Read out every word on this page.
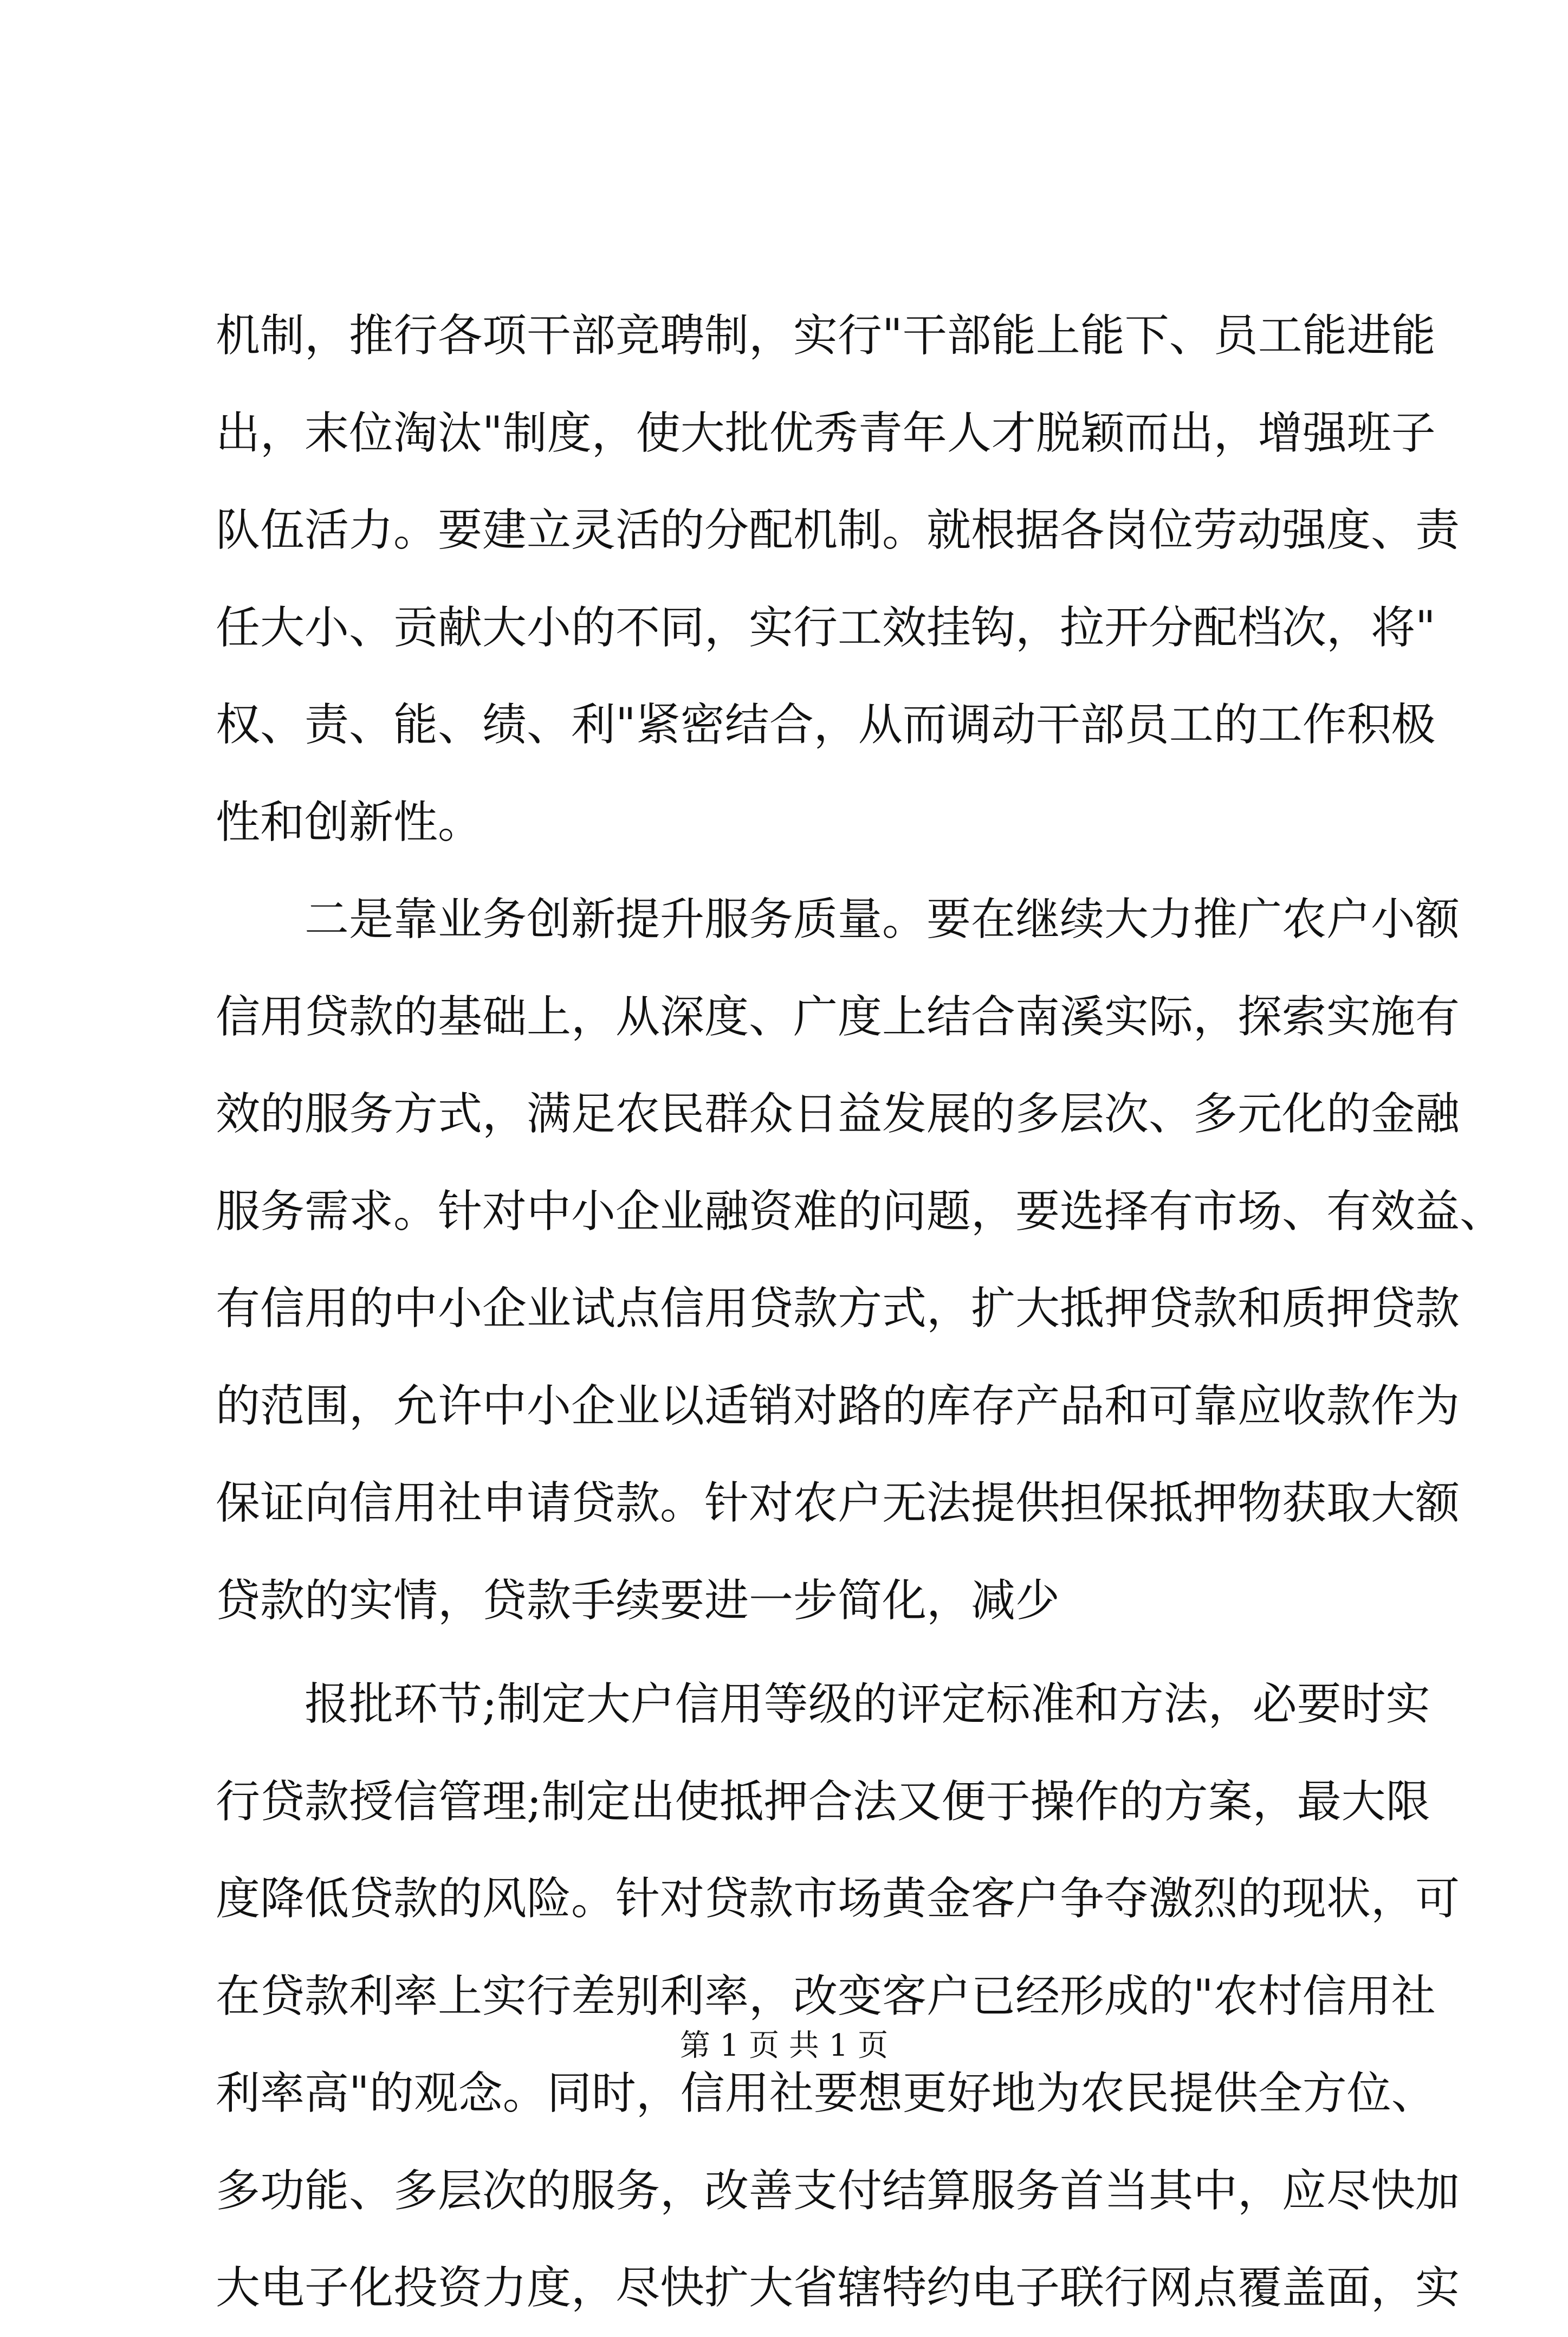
机制，推行各项干部竞聘制，实行"干部能上能下、员工能进能
出，末位淘汰"制度，使大批优秀青年人才脱颖而出，增强班子
队伍活力。要建立灵活的分配机制。就根据各岗位劳动强度、责
任大小、贡献大小的不同，实行工效挂钩，拉开分配档次，将"
权、责、能、绩、利"紧密结合，从而调动干部员工的工作积极
性和创新性。
二是靠业务创新提升服务质量。要在继续大力推广农户小额
信用贷款的基础上，从深度、广度上结合南溪实际，探索实施有
效的服务方式，满足农民群众日益发展的多层次、多元化的金融
服务需求。针对中小企业融资难的问题，要选择有市场、有效益、
有信用的中小企业试点信用贷款方式，扩大抵押贷款和质押贷款
的范围，允许中小企业以适销对路的库存产品和可靠应收款作为
保证向信用社申请贷款。针对农户无法提供担保抵押物获取大额
贷款的实情，贷款手续要进一步简化，减少
报批环节;制定大户信用等级的评定标准和方法，必要时实
行贷款授信管理;制定出使抵押合法又便于操作的方案，最大限
度降低贷款的风险。针对贷款市场黄金客户争夺激烈的现状，可
在贷款利率上实行差别利率，改变客户已经形成的"农村信用社
利率高"的观念。同时，信用社要想更好地为农民提供全方位、
多功能、多层次的服务，改善支付结算服务首当其中，应尽快加
大电子化投资力度，尽快扩大省辖特约电子联行网点覆盖面，实
第 1 页 共 1 页
